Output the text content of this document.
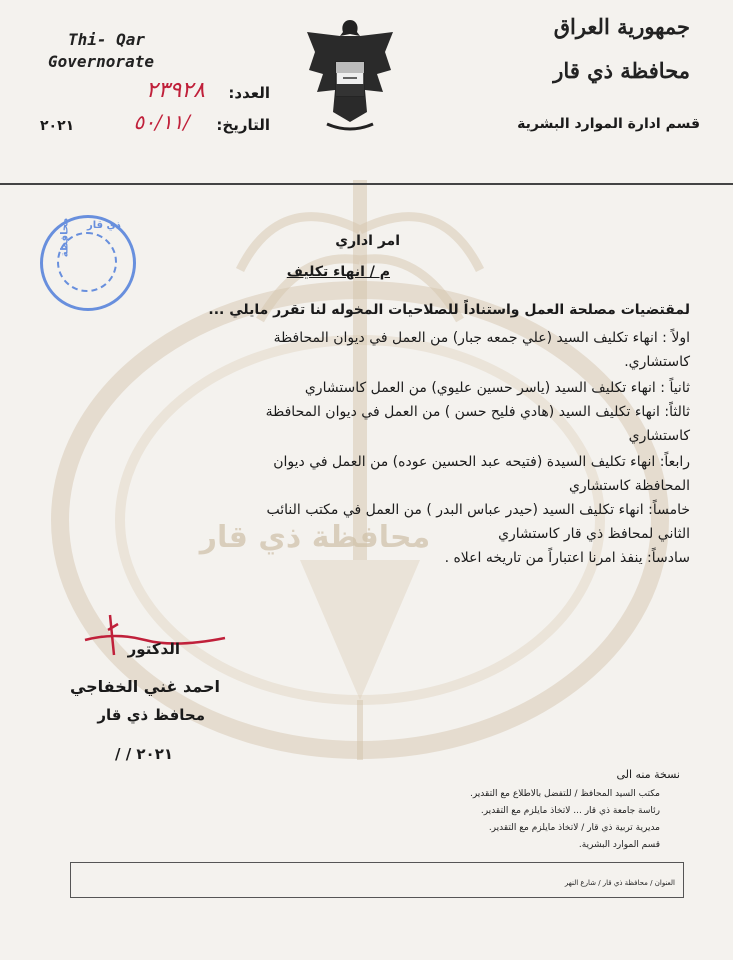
محافظة ذي قار
Thi- Qar
Governorate
العدد:
٢٣٩٢٨
التاريخ:
٥٠/١١/
٢٠٢١
جمهورية العراق
محافظة ذي قار
قسم ادارة الموارد البشرية
محافظة ذي قار
امر اداري
م / انهاء تكليف
لمقتضيات مصلحة العمل واستناداً للصلاحيات المخوله لنا تقرر مايلي ...
اولاً : انهاء تكليف السيد (علي جمعه جبار) من العمل في ديوان المحافظة
كاستشاري.
ثانياً : انهاء تكليف السيد (ياسر حسين عليوي) من العمل كاستشاري
ثالثاً: انهاء تكليف السيد (هادي فليح حسن ) من العمل في ديوان المحافظة
كاستشاري
رابعاً: انهاء تكليف السيدة (فتيحه عبد الحسين عوده) من العمل في ديوان
المحافظة كاستشاري
خامساً: انهاء تكليف السيد (حيدر عباس البدر ) من العمل في مكتب النائب
الثاني لمحافظ ذي قار كاستشاري
سادساً: ينفذ امرنا اعتباراً من تاريخه اعلاه .
الدكتور
احمد غني الخفاجي
محافظ ذي قار
/ / ٢٠٢١
نسخة منه الى
مكتب السيد المحافظ / للتفضل بالاطلاع مع التقدير.
رئاسة جامعة ذي قار ... لاتخاذ مايلزم مع التقدير.
مديرية تربية ذي قار / لاتخاذ مايلزم مع التقدير.
قسم الموارد البشرية.
العنوان / محافظة ذي قار / شارع النهر
